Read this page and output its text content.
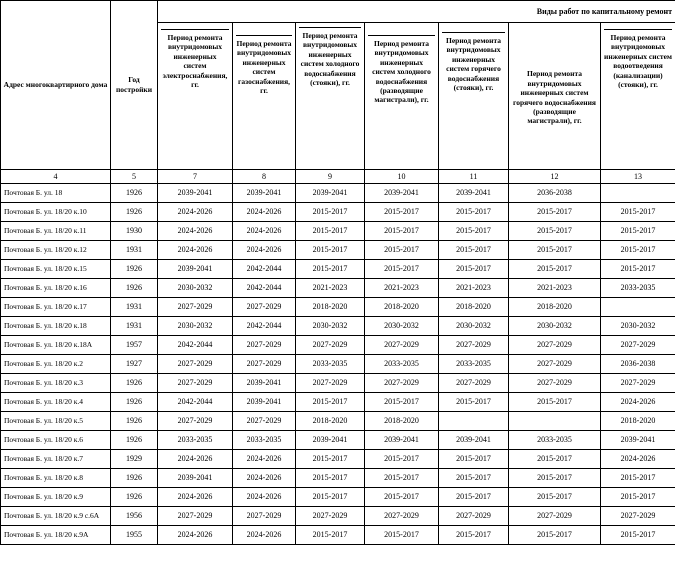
Адрес многоквартирного дома	Год постройки	Виды работ по капитальному ремонт						

		Период ремонта внутридомовых инженерных систем электроснабжения, гг.	Период ремонта внутридомовых инженерных систем газоснабжения, гг.	Период ремонта внутридомовых инженерных систем холодного водоснабжения (стояки), гг.	Период ремонта внутридомовых инженерных систем холодного водоснабжения (разводящие магистрали), гг.	Период ремонта внутридомовых инженерных систем горячего водоснабжения (стояки), гг.	Период ремонта внутридомовых инженерных систем горячего водоснабжения (разводящие магистрали), гг.	Период ремонта внутридомовых инженерных систем водоотведения (канализации) (стояки), гг.

4	5	7	8	9	10	11	12	13
Почтовая Б. ул. 18	1926	2039-2041	2039-2041	2039-2041	2039-2041	2039-2041	2036-2038	
Почтовая Б. ул. 18/20 к.10	1926	2024-2026	2024-2026	2015-2017	2015-2017	2015-2017	2015-2017	2015-2017
Почтовая Б. ул. 18/20 к.11	1930	2024-2026	2024-2026	2015-2017	2015-2017	2015-2017	2015-2017	2015-2017
Почтовая Б. ул. 18/20 к.12	1931	2024-2026	2024-2026	2015-2017	2015-2017	2015-2017	2015-2017	2015-2017
Почтовая Б. ул. 18/20 к.15	1926	2039-2041	2042-2044	2015-2017	2015-2017	2015-2017	2015-2017	2015-2017
Почтовая Б. ул. 18/20 к.16	1926	2030-2032	2042-2044	2021-2023	2021-2023	2021-2023	2021-2023	2033-2035
Почтовая Б. ул. 18/20 к.17	1931	2027-2029	2027-2029	2018-2020	2018-2020	2018-2020	2018-2020	
Почтовая Б. ул. 18/20 к.18	1931	2030-2032	2042-2044	2030-2032	2030-2032	2030-2032	2030-2032	2030-2032
Почтовая Б. ул. 18/20 к.18А	1957	2042-2044	2027-2029	2027-2029	2027-2029	2027-2029	2027-2029	2027-2029
Почтовая Б. ул. 18/20 к.2	1927	2027-2029	2027-2029	2033-2035	2033-2035	2033-2035	2027-2029	2036-2038
Почтовая Б. ул. 18/20 к.3	1926	2027-2029	2039-2041	2027-2029	2027-2029	2027-2029	2027-2029	2027-2029
Почтовая Б. ул. 18/20 к.4	1926	2042-2044	2039-2041	2015-2017	2015-2017	2015-2017	2015-2017	2024-2026
Почтовая Б. ул. 18/20 к.5	1926	2027-2029	2027-2029	2018-2020	2018-2020			2018-2020
Почтовая Б. ул. 18/20 к.6	1926	2033-2035	2033-2035	2039-2041	2039-2041	2039-2041	2033-2035	2039-2041
Почтовая Б. ул. 18/20 к.7	1929	2024-2026	2024-2026	2015-2017	2015-2017	2015-2017	2015-2017	2024-2026
Почтовая Б. ул. 18/20 к.8	1926	2039-2041	2024-2026	2015-2017	2015-2017	2015-2017	2015-2017	2015-2017
Почтовая Б. ул. 18/20 к.9	1926	2024-2026	2024-2026	2015-2017	2015-2017	2015-2017	2015-2017	2015-2017
Почтовая Б. ул. 18/20 к.9 с.6А	1956	2027-2029	2027-2029	2027-2029	2027-2029	2027-2029	2027-2029	2027-2029
Почтовая Б. ул. 18/20 к.9А	1955	2024-2026	2024-2026	2015-2017	2015-2017	2015-2017	2015-2017	2015-2017
